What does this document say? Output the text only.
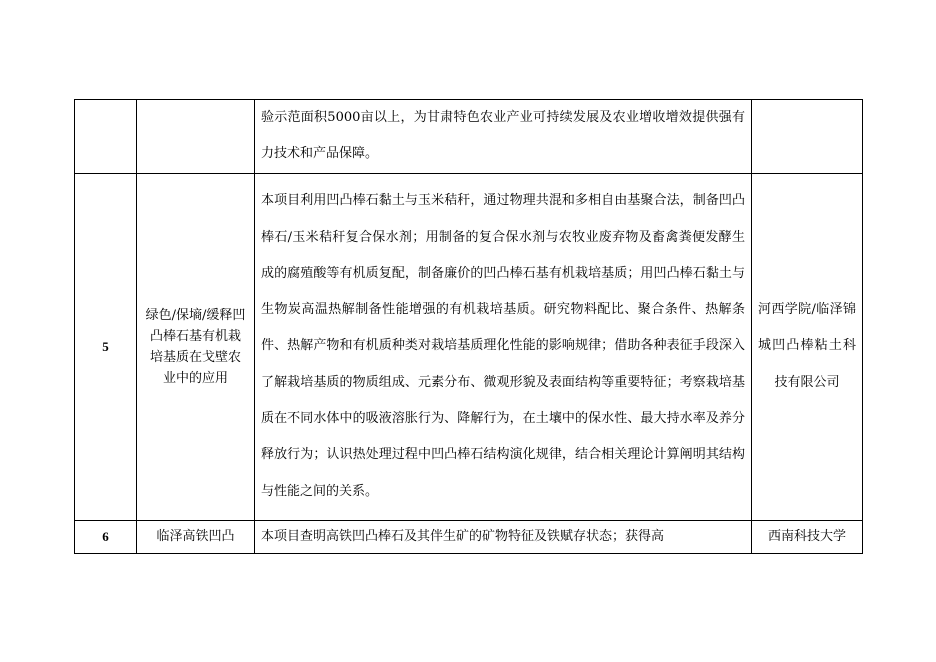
		验示范面积5000亩以上，为甘肃特色农业产业可持续发展及农业增收增效提供强有力技术和产品保障。	

5	绿色/保墒/缓释凹凸棒石基有机栽培基质在戈壁农业中的应用	本项目利用凹凸棒石黏土与玉米秸秆，通过物理共混和多相自由基聚合法，制备凹凸棒石/玉米秸秆复合保水剂；用制备的复合保水剂与农牧业废弃物及畜禽粪便发酵生成的腐殖酸等有机质复配，制备廉价的凹凸棒石基有机栽培基质；用凹凸棒石黏土与生物炭高温热解制备性能增强的有机栽培基质。研究物料配比、聚合条件、热解条件、热解产物和有机质种类对栽培基质理化性能的影响规律；借助各种表征手段深入了解栽培基质的物质组成、元素分布、微观形貌及表面结构等重要特征；考察栽培基质在不同水体中的吸液溶胀行为、降解行为，在土壤中的保水性、最大持水率及养分释放行为；认识热处理过程中凹凸棒石结构演化规律，结合相关理论计算阐明其结构与性能之间的关系。	河西学院/临泽锦城凹凸棒粘土科技有限公司

6	临泽高铁凹凸	本项目查明高铁凹凸棒石及其伴生矿的矿物特征及铁赋存状态；获得高	西南科技大学
